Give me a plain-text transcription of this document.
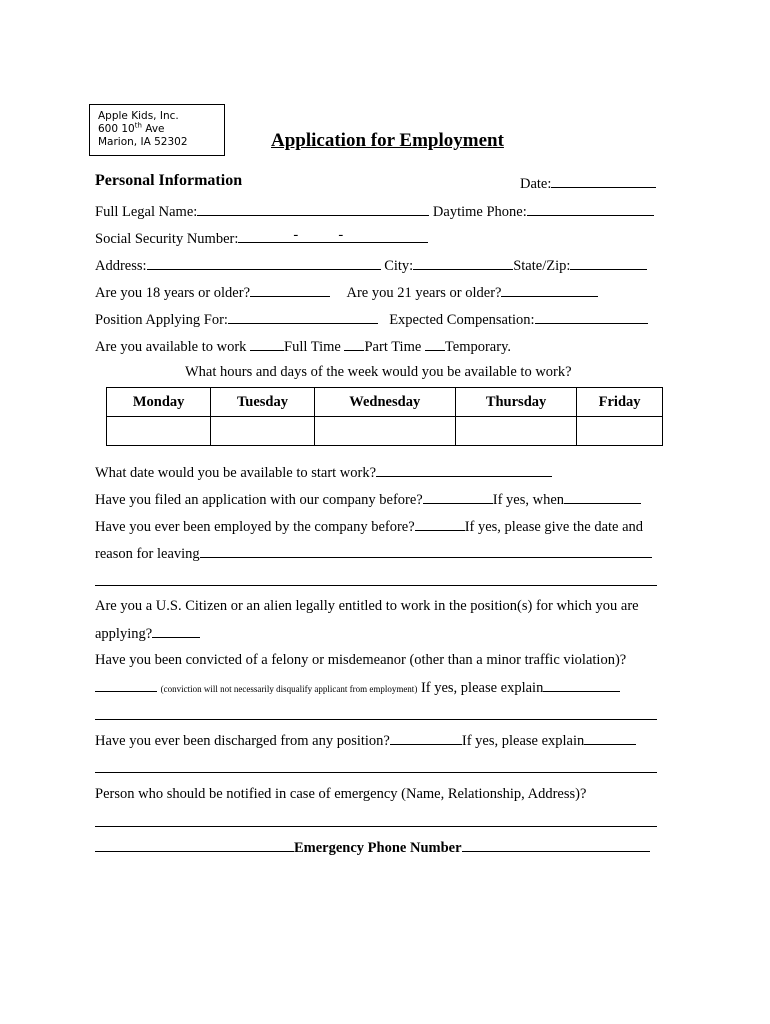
Apple Kids, Inc.
600 10th Ave
Marion, IA 52302	Application for Employment
Personal Information	Date:
Full Legal Name:	Daytime Phone:
Social Security Number:	-	-
Address:	City:	State/Zip:
Are you 18 years or older?	Are you 21 years or older?
Position Applying For:	Expected Compensation:
Are you available to work	Full Time Part Time Temporary.
What hours and days of the week would you be available to work?
Monday	Tuesday	Wednesday	Thursday	Friday

What date would you be available to start work?
Have you filed an application with our company before?	If yes, when
Have you ever been employed by the company before?	If yes, please give the date and
reason for leaving
Are you a U.S. Citizen or an alien legally entitled to work in the position(s) for which you are
applying?
Have you been convicted of a felony or misdemeanor (other than a minor traffic violation)?
(conviction will not necessarily disqualify applicant from employment) If yes, please explain
Have you ever been discharged from any position?	If yes, please explain
Person who should be notified in case of emergency (Name, Relationship, Address)?
Emergency Phone Number
